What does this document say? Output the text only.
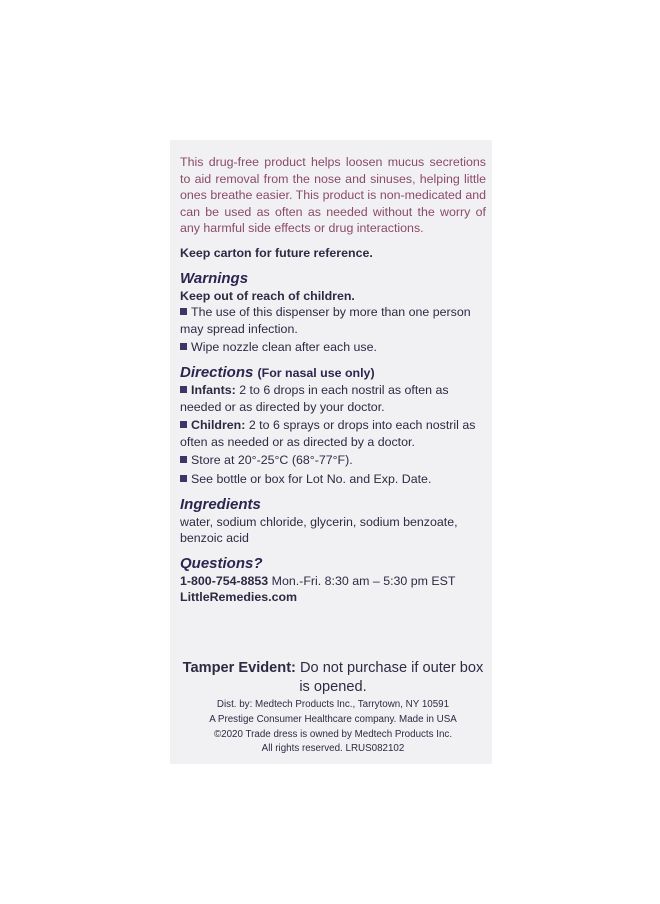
This drug-free product helps loosen mucus secretions to aid removal from the nose and sinuses, helping little ones breathe easier. This product is non-medicated and can be used as often as needed without the worry of any harmful side effects or drug interactions.

Keep carton for future reference.

Warnings

Keep out of reach of children.

The use of this dispenser by more than one person may spread infection.

Wipe nozzle clean after each use.

Directions (For nasal use only)

Infants: 2 to 6 drops in each nostril as often as needed or as directed by your doctor.

Children: 2 to 6 sprays or drops into each nostril as often as needed or as directed by a doctor.

Store at 20°-25°C (68°-77°F).

See bottle or box for Lot No. and Exp. Date.

Ingredients

water, sodium chloride, glycerin, sodium benzoate, benzoic acid

Questions?

1-800-754-8853 Mon.-Fri. 8:30 am – 5:30 pm EST

LittleRemedies.com

Tamper Evident: Do not purchase if outer box is opened.
Dist. by: Medtech Products Inc., Tarrytown, NY 10591
A Prestige Consumer Healthcare company. Made in USA
©2020 Trade dress is owned by Medtech Products Inc.
All rights reserved. LRUS082102
